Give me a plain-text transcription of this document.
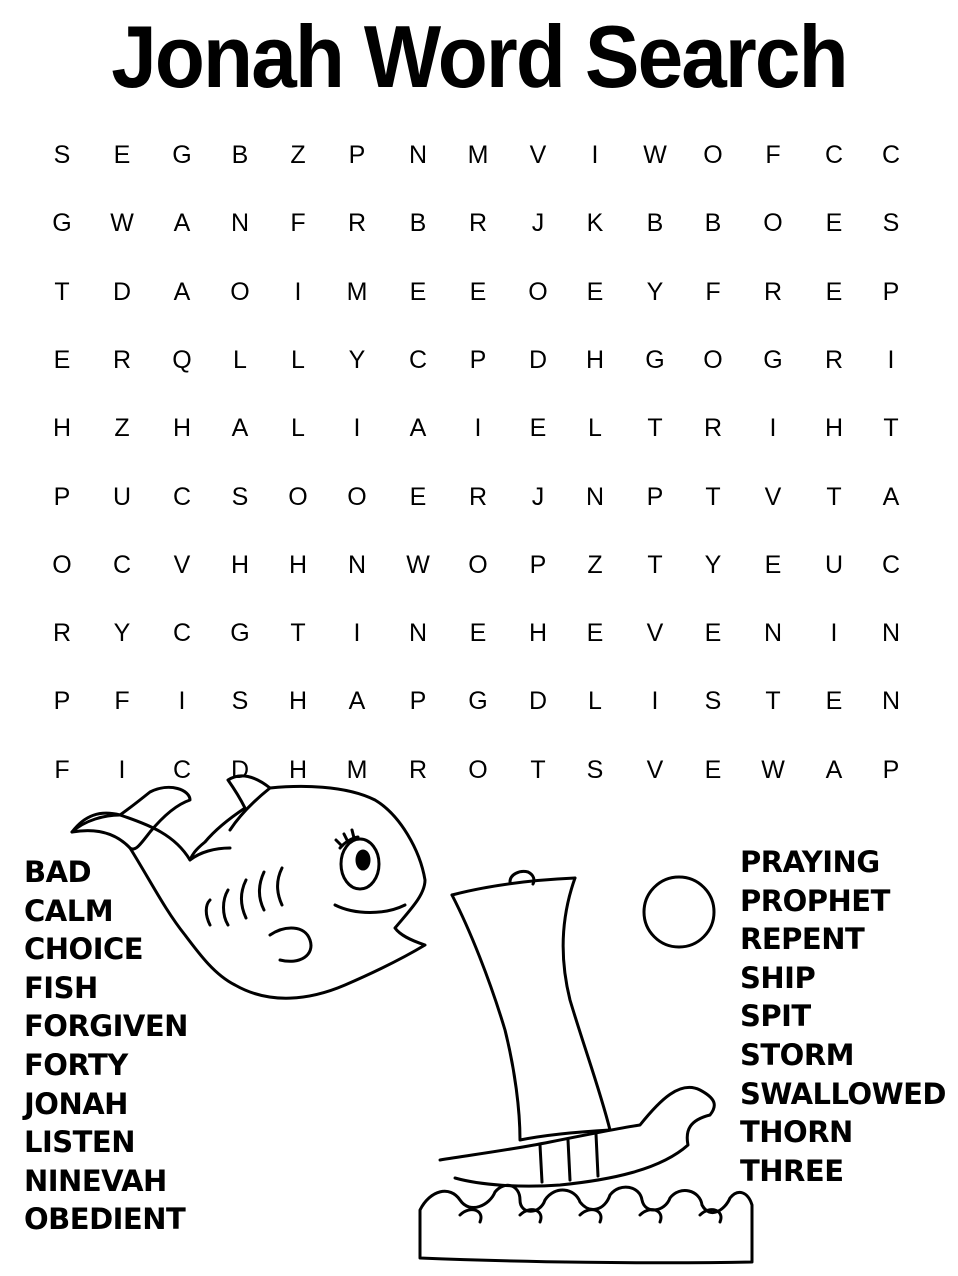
Jonah Word Search
S	E	G	B	Z	P	N	M	V	I	W	O	F	C	C
G	W	A	N	F	R	B	R	J	K	B	B	O	E	S
T	D	A	O	I	M	E	E	O	E	Y	F	R	E	P
E	R	Q	L	L	Y	C	P	D	H	G	O	G	R	I
H	Z	H	A	L	I	A	I	E	L	T	R	I	H	T
P	U	C	S	O	O	E	R	J	N	P	T	V	T	A
O	C	V	H	H	N	W	O	P	Z	T	Y	E	U	C
R	Y	C	G	T	I	N	E	H	E	V	E	N	I	N
P	F	I	S	H	A	P	G	D	L	I	S	T	E	N
F	I	C	D	H	M	R	O	T	S	V	E	W	A	P
BAD
CALM
CHOICE
FISH
FORGIVEN
FORTY
JONAH
LISTEN
NINEVAH
OBEDIENT
PRAYING
PROPHET
REPENT
SHIP
SPIT
STORM
SWALLOWED
THORN
THREE
